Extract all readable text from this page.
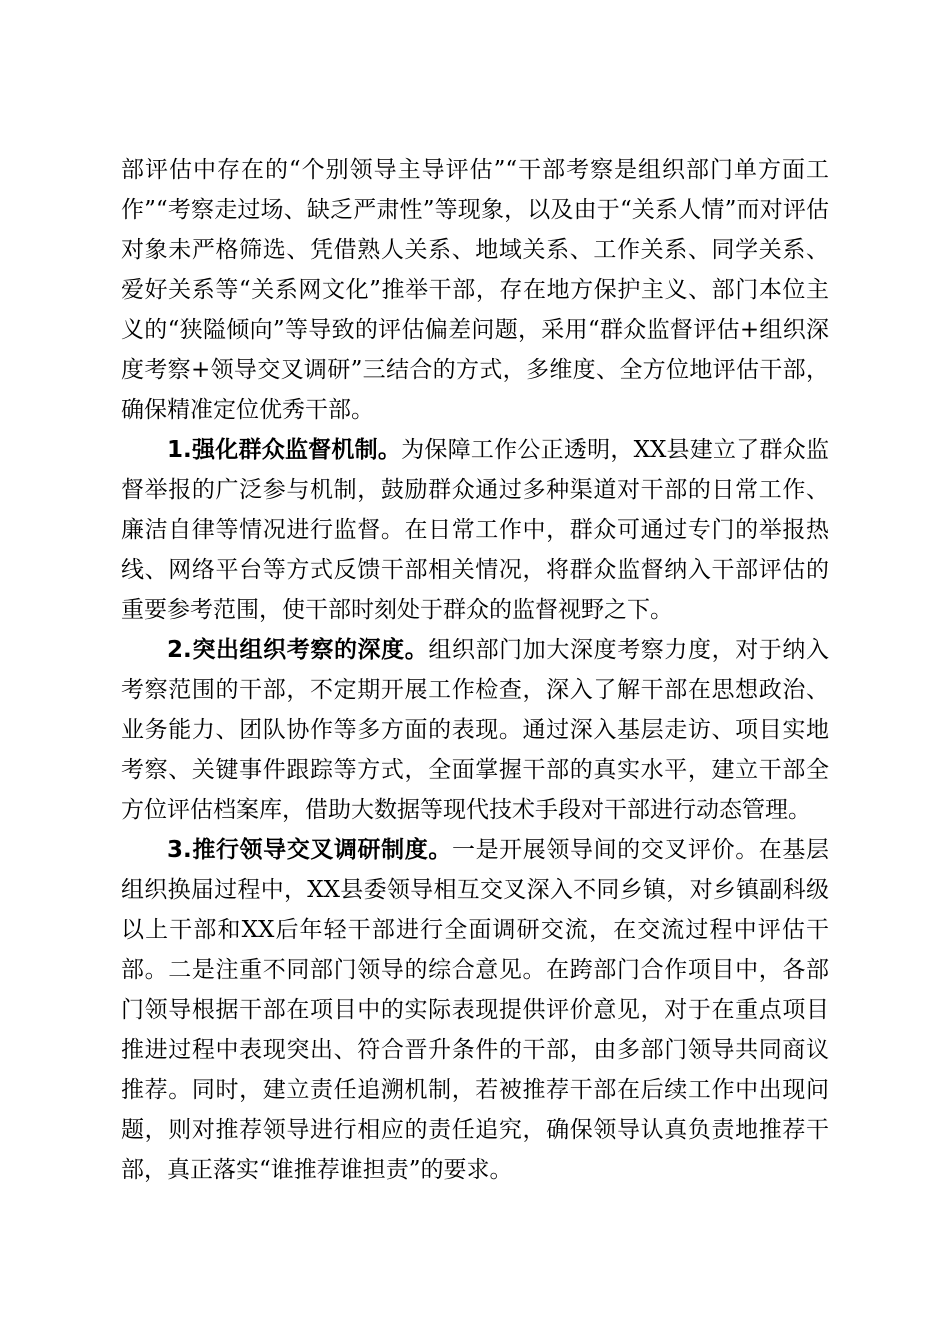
部评估中存在的“个别领导主导评估”“干部考察是组织部门单方面工作”“考察走过场、缺乏严肃性”等现象，以及由于“关系人情”而对评估对象未严格筛选、凭借熟人关系、地域关系、工作关系、同学关系、爱好关系等“关系网文化”推举干部，存在地方保护主义、部门本位主义的“狭隘倾向”等导致的评估偏差问题，采用“群众监督评估+组织深度考察+领导交叉调研”三结合的方式，多维度、全方位地评估干部，确保精准定位优秀干部。

1.强化群众监督机制。为保障工作公正透明，XX县建立了群众监督举报的广泛参与机制，鼓励群众通过多种渠道对干部的日常工作、廉洁自律等情况进行监督。在日常工作中，群众可通过专门的举报热线、网络平台等方式反馈干部相关情况，将群众监督纳入干部评估的重要参考范围，使干部时刻处于群众的监督视野之下。

2.突出组织考察的深度。组织部门加大深度考察力度，对于纳入考察范围的干部，不定期开展工作检查，深入了解干部在思想政治、业务能力、团队协作等多方面的表现。通过深入基层走访、项目实地考察、关键事件跟踪等方式，全面掌握干部的真实水平，建立干部全方位评估档案库，借助大数据等现代技术手段对干部进行动态管理。

3.推行领导交叉调研制度。一是开展领导间的交叉评价。在基层组织换届过程中，XX县委领导相互交叉深入不同乡镇，对乡镇副科级以上干部和XX后年轻干部进行全面调研交流，在交流过程中评估干部。二是注重不同部门领导的综合意见。在跨部门合作项目中，各部门领导根据干部在项目中的实际表现提供评价意见，对于在重点项目推进过程中表现突出、符合晋升条件的干部，由多部门领导共同商议推荐。同时，建立责任追溯机制，若被推荐干部在后续工作中出现问题，则对推荐领导进行相应的责任追究，确保领导认真负责地推荐干部，真正落实“谁推荐谁担责”的要求。
